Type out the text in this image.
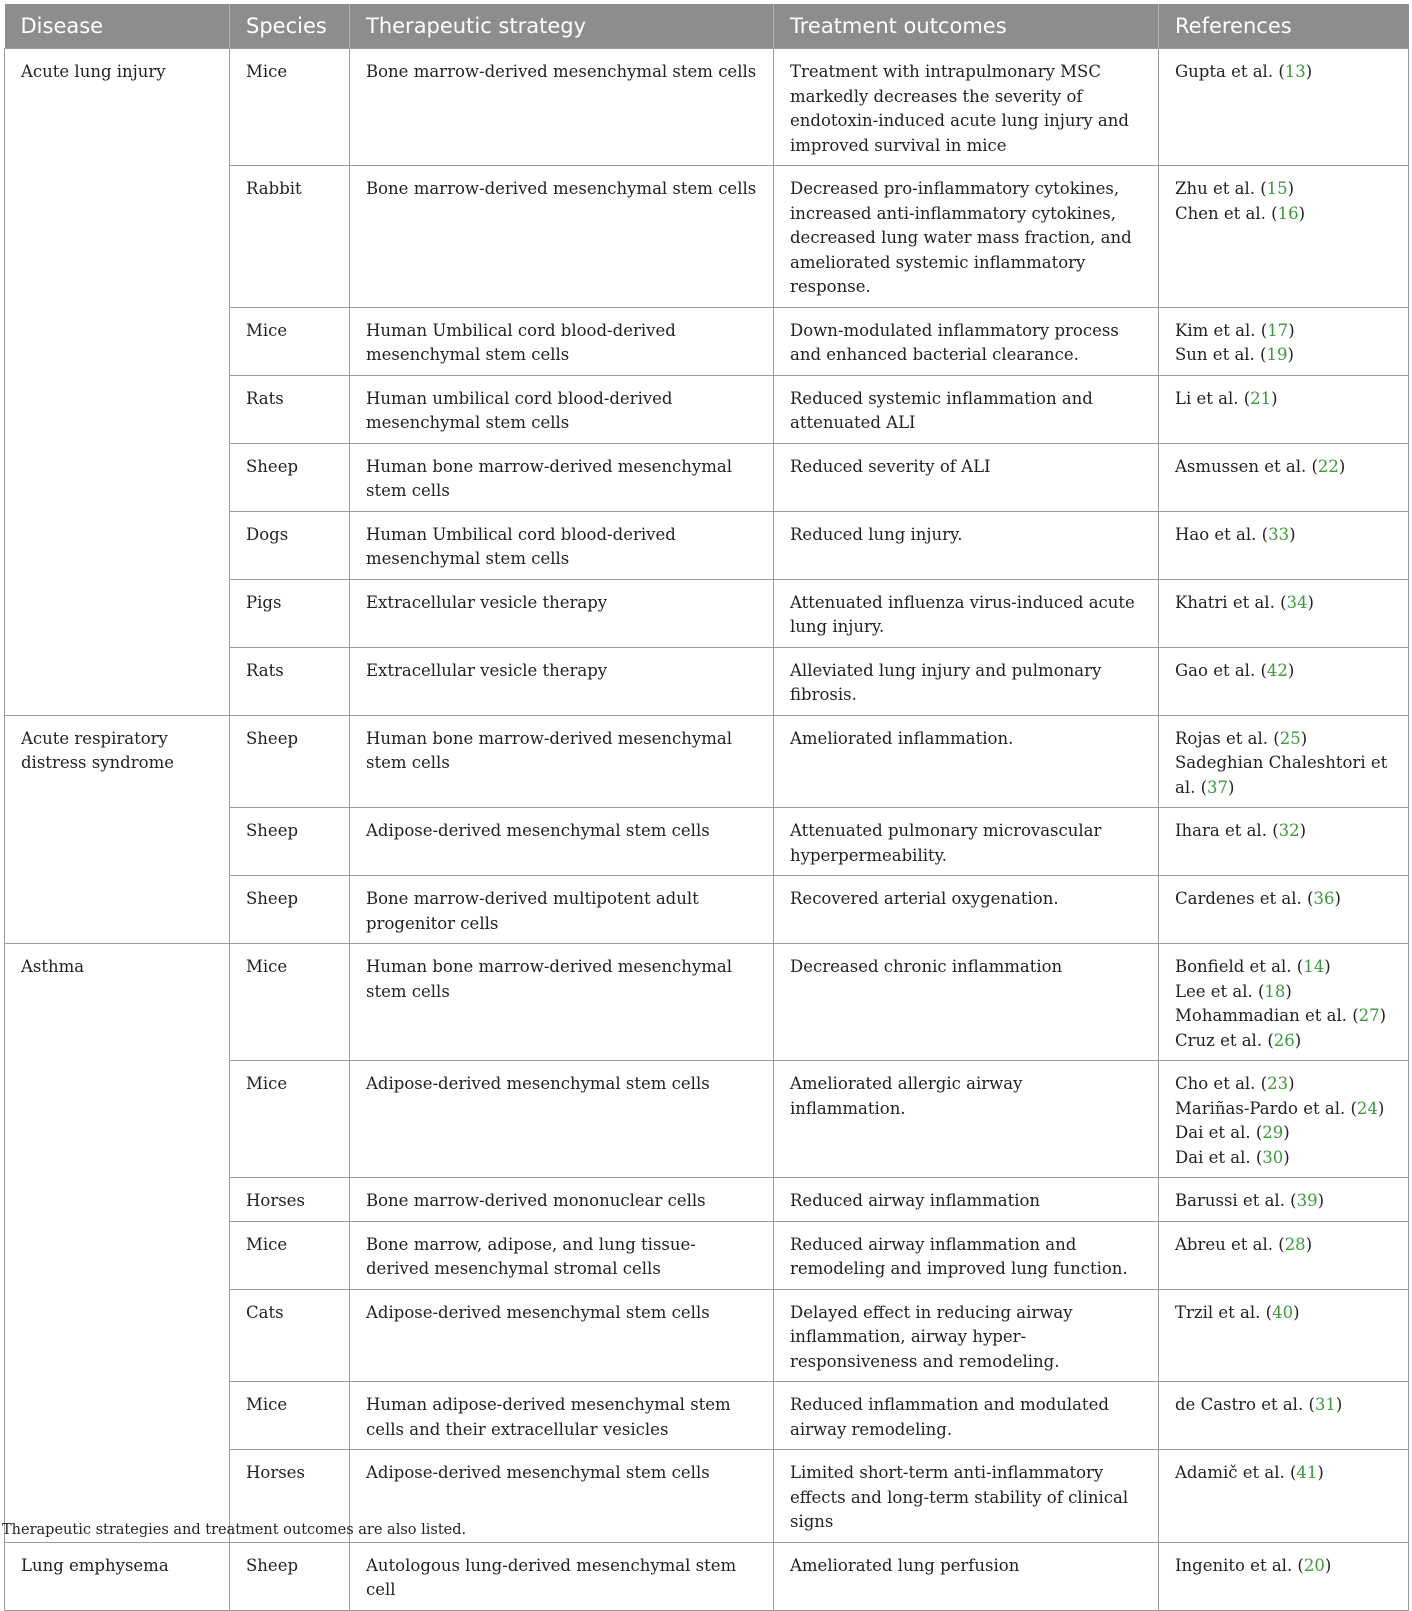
Disease	Species	Therapeutic strategy	Treatment outcomes	References
Acute lung injury	Mice	Bone marrow-derived mesenchymal stem cells	Treatment with intrapulmonary MSC markedly decreases the severity of endotoxin-induced acute lung injury and improved survival in mice	Gupta et al. (13)

	Rabbit	Bone marrow-derived mesenchymal stem cells	Decreased pro-inflammatory cytokines, increased anti-inflammatory cytokines, decreased lung water mass fraction, and ameliorated systemic inflammatory response.	Zhu et al. (15)
Chen et al. (16)

	Mice	Human Umbilical cord blood-derived mesenchymal stem cells	Down-modulated inflammatory process and enhanced bacterial clearance.	Kim et al. (17)
Sun et al. (19)

	Rats	Human umbilical cord blood-derived mesenchymal stem cells	Reduced systemic inflammation and attenuated ALI	Li et al. (21)

	Sheep	Human bone marrow-derived mesenchymal stem cells	Reduced severity of ALI	Asmussen et al. (22)

	Dogs	Human Umbilical cord blood-derived mesenchymal stem cells	Reduced lung injury.	Hao et al. (33)

	Pigs	Extracellular vesicle therapy	Attenuated influenza virus-induced acute lung injury.	Khatri et al. (34)

	Rats	Extracellular vesicle therapy	Alleviated lung injury and pulmonary fibrosis.	Gao et al. (42)

Acute respiratory distress syndrome	Sheep	Human bone marrow-derived mesenchymal stem cells	Ameliorated inflammation.	Rojas et al. (25)
Sadeghian Chaleshtori et al. (37)

	Sheep	Adipose-derived mesenchymal stem cells	Attenuated pulmonary microvascular hyperpermeability.	Ihara et al. (32)

	Sheep	Bone marrow-derived multipotent adult progenitor cells	Recovered arterial oxygenation.	Cardenes et al. (36)

Asthma	Mice	Human bone marrow-derived mesenchymal stem cells	Decreased chronic inflammation	Bonfield et al. (14)
Lee et al. (18)
Mohammadian et al. (27)
Cruz et al. (26)

	Mice	Adipose-derived mesenchymal stem cells	Ameliorated allergic airway inflammation.	Cho et al. (23)
Mariñas-Pardo et al. (24)
Dai et al. (29)
Dai et al. (30)

	Horses	Bone marrow-derived mononuclear cells	Reduced airway inflammation	Barussi et al. (39)

	Mice	Bone marrow, adipose, and lung tissue-derived mesenchymal stromal cells	Reduced airway inflammation and remodeling and improved lung function.	Abreu et al. (28)

	Cats	Adipose-derived mesenchymal stem cells	Delayed effect in reducing airway inflammation, airway hyper-responsiveness and remodeling.	Trzil et al. (40)

	Mice	Human adipose-derived mesenchymal stem cells and their extracellular vesicles	Reduced inflammation and modulated airway remodeling.	de Castro et al. (31)

	Horses	Adipose-derived mesenchymal stem cells	Limited short-term anti-inflammatory effects and long-term stability of clinical signs	Adamič et al. (41)

Lung emphysema	Sheep	Autologous lung-derived mesenchymal stem cell	Ameliorated lung perfusion	Ingenito et al. (20)
Therapeutic strategies and treatment outcomes are also listed.
